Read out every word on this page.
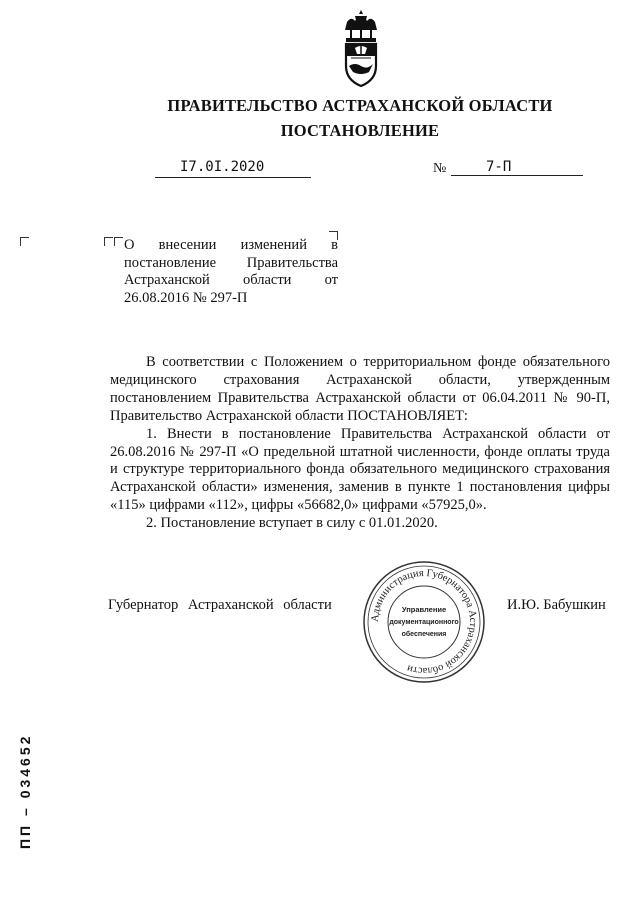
ПРАВИТЕЛЬСТВО АСТРАХАНСКОЙ ОБЛАСТИ
ПОСТАНОВЛЕНИЕ
I7.0I.2020	№	7-П
О внесении изменений в постановление Правительства Астраханской области от 26.08.2016 № 297-П

В соответствии с Положением о территориальном фонде обязательного медицинского страхования Астраханской области, утвержденным постановлением Правительства Астраханской области от 06.04.2011 № 90-П, Правительство Астраханской области ПОСТАНОВЛЯЕТ:

1. Внести в постановление Правительства Астраханской области от 26.08.2016 № 297-П «О предельной штатной численности, фонде оплаты труда и структуре территориального фонда обязательного медицинского страхования Астраханской области» изменения, заменив в пункте 1 постановления цифры «115» цифрами «112», цифры «56682,0» цифрами «57925,0».

2. Постановление вступает в силу с 01.01.2020.

Губернатор Астраханской области	И.Ю. Бабушкин
Администрация Губернатора Астраханской области
Управление
документационного
обеспечения
ПП – 034652
